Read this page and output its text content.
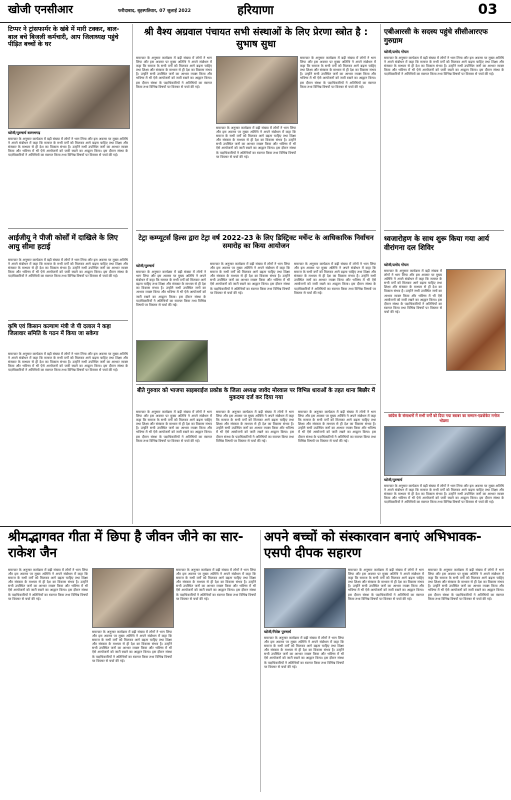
खोजी एनसीआर	फरीदाबाद, बृहस्पतिवार, 07 जुलाई 2022	हरियाणा	03
टिप्पर ने ट्रांसफार्मर के खंबे में मारी टक्कर, बाल-बाल बचे बिजली कर्मचारी, आप जिलाध्यक्ष पहुंचे पीड़ित बच्चों के घर
खोजी/पुरुषार्थ बल्लभगढ़
समाचार के अनुसार कार्यक्रम में बड़ी संख्या में लोगों ने भाग लिया और इस अवसर पर मुख्य अतिथि ने अपने संबोधन में कहा कि समाज के सभी वर्गों को मिलकर आगे बढ़ना चाहिए तथा शिक्षा और संस्कार के माध्यम से ही देश का विकास संभव है। उन्होंने सभी उपस्थित जनों का आभार व्यक्त किया और भविष्य में भी ऐसे आयोजनों को जारी रखने का आह्वान किया। इस दौरान संस्था के पदाधिकारियों ने अतिथियों का स्वागत किया तथा विभिन्न विषयों पर विस्तार से चर्चा की गई।
आईजीयू ने पीजी कोर्सों में दाखिले के लिए आयु सीमा हटाई
समाचार के अनुसार कार्यक्रम में बड़ी संख्या में लोगों ने भाग लिया और इस अवसर पर मुख्य अतिथि ने अपने संबोधन में कहा कि समाज के सभी वर्गों को मिलकर आगे बढ़ना चाहिए तथा शिक्षा और संस्कार के माध्यम से ही देश का विकास संभव है। उन्होंने सभी उपस्थित जनों का आभार व्यक्त किया और भविष्य में भी ऐसे आयोजनों को जारी रखने का आह्वान किया। इस दौरान संस्था के पदाधिकारियों ने अतिथियों का स्वागत किया तथा विभिन्न विषयों पर विस्तार से चर्चा की गई।
कृषि एवं किसान कल्याण मंत्री जे पी दलाल ने कहा जिलावार समिति के गठन में किया जा सकेगा
समाचार के अनुसार कार्यक्रम में बड़ी संख्या में लोगों ने भाग लिया और इस अवसर पर मुख्य अतिथि ने अपने संबोधन में कहा कि समाज के सभी वर्गों को मिलकर आगे बढ़ना चाहिए तथा शिक्षा और संस्कार के माध्यम से ही देश का विकास संभव है। उन्होंने सभी उपस्थित जनों का आभार व्यक्त किया और भविष्य में भी ऐसे आयोजनों को जारी रखने का आह्वान किया। इस दौरान संस्था के पदाधिकारियों ने अतिथियों का स्वागत किया तथा विभिन्न विषयों पर विस्तार से चर्चा की गई।
श्री वैश्य अग्रवाल पंचायत सभी संस्थाओं के लिए प्रेरणा स्त्रोत है : सुभाष सुधा
समाचार के अनुसार कार्यक्रम में बड़ी संख्या में लोगों ने भाग लिया और इस अवसर पर मुख्य अतिथि ने अपने संबोधन में कहा कि समाज के सभी वर्गों को मिलकर आगे बढ़ना चाहिए तथा शिक्षा और संस्कार के माध्यम से ही देश का विकास संभव है। उन्होंने सभी उपस्थित जनों का आभार व्यक्त किया और भविष्य में भी ऐसे आयोजनों को जारी रखने का आह्वान किया। इस दौरान संस्था के पदाधिकारियों ने अतिथियों का स्वागत किया तथा विभिन्न विषयों पर विस्तार से चर्चा की गई।
समाचार के अनुसार कार्यक्रम में बड़ी संख्या में लोगों ने भाग लिया और इस अवसर पर मुख्य अतिथि ने अपने संबोधन में कहा कि समाज के सभी वर्गों को मिलकर आगे बढ़ना चाहिए तथा शिक्षा और संस्कार के माध्यम से ही देश का विकास संभव है। उन्होंने सभी उपस्थित जनों का आभार व्यक्त किया और भविष्य में भी ऐसे आयोजनों को जारी रखने का आह्वान किया। इस दौरान संस्था के पदाधिकारियों ने अतिथियों का स्वागत किया तथा विभिन्न विषयों पर विस्तार से चर्चा की गई।
समाचार के अनुसार कार्यक्रम में बड़ी संख्या में लोगों ने भाग लिया और इस अवसर पर मुख्य अतिथि ने अपने संबोधन में कहा कि समाज के सभी वर्गों को मिलकर आगे बढ़ना चाहिए तथा शिक्षा और संस्कार के माध्यम से ही देश का विकास संभव है। उन्होंने सभी उपस्थित जनों का आभार व्यक्त किया और भविष्य में भी ऐसे आयोजनों को जारी रखने का आह्वान किया। इस दौरान संस्था के पदाधिकारियों ने अतिथियों का स्वागत किया तथा विभिन्न विषयों पर विस्तार से चर्चा की गई।
टेट्रा कम्प्यूटर्स हिल्स द्वारा टेट्रा वर्ष 2022-23 के लिए डिस्ट्रिक्ट मर्चेन्ट के आधिकारिक निर्वाचन समारोह का किया आयोजन
खोजी/पुरुषार्थ
समाचार के अनुसार कार्यक्रम में बड़ी संख्या में लोगों ने भाग लिया और इस अवसर पर मुख्य अतिथि ने अपने संबोधन में कहा कि समाज के सभी वर्गों को मिलकर आगे बढ़ना चाहिए तथा शिक्षा और संस्कार के माध्यम से ही देश का विकास संभव है। उन्होंने सभी उपस्थित जनों का आभार व्यक्त किया और भविष्य में भी ऐसे आयोजनों को जारी रखने का आह्वान किया। इस दौरान संस्था के पदाधिकारियों ने अतिथियों का स्वागत किया तथा विभिन्न विषयों पर विस्तार से चर्चा की गई।
समाचार के अनुसार कार्यक्रम में बड़ी संख्या में लोगों ने भाग लिया और इस अवसर पर मुख्य अतिथि ने अपने संबोधन में कहा कि समाज के सभी वर्गों को मिलकर आगे बढ़ना चाहिए तथा शिक्षा और संस्कार के माध्यम से ही देश का विकास संभव है। उन्होंने सभी उपस्थित जनों का आभार व्यक्त किया और भविष्य में भी ऐसे आयोजनों को जारी रखने का आह्वान किया। इस दौरान संस्था के पदाधिकारियों ने अतिथियों का स्वागत किया तथा विभिन्न विषयों पर विस्तार से चर्चा की गई।
समाचार के अनुसार कार्यक्रम में बड़ी संख्या में लोगों ने भाग लिया और इस अवसर पर मुख्य अतिथि ने अपने संबोधन में कहा कि समाज के सभी वर्गों को मिलकर आगे बढ़ना चाहिए तथा शिक्षा और संस्कार के माध्यम से ही देश का विकास संभव है। उन्होंने सभी उपस्थित जनों का आभार व्यक्त किया और भविष्य में भी ऐसे आयोजनों को जारी रखने का आह्वान किया। इस दौरान संस्था के पदाधिकारियों ने अतिथियों का स्वागत किया तथा विभिन्न विषयों पर विस्तार से चर्चा की गई।
बीते गुरुवार को भाजपा साइबराईज प्रकोष्ठ के जिला अध्यक्ष जावेद मोरवाल पर विभिन्न धाराओं के तहत थाना बिछौर में मुकदमा दर्ज कर दिया गया
समाचार के अनुसार कार्यक्रम में बड़ी संख्या में लोगों ने भाग लिया और इस अवसर पर मुख्य अतिथि ने अपने संबोधन में कहा कि समाज के सभी वर्गों को मिलकर आगे बढ़ना चाहिए तथा शिक्षा और संस्कार के माध्यम से ही देश का विकास संभव है। उन्होंने सभी उपस्थित जनों का आभार व्यक्त किया और भविष्य में भी ऐसे आयोजनों को जारी रखने का आह्वान किया। इस दौरान संस्था के पदाधिकारियों ने अतिथियों का स्वागत किया तथा विभिन्न विषयों पर विस्तार से चर्चा की गई।
समाचार के अनुसार कार्यक्रम में बड़ी संख्या में लोगों ने भाग लिया और इस अवसर पर मुख्य अतिथि ने अपने संबोधन में कहा कि समाज के सभी वर्गों को मिलकर आगे बढ़ना चाहिए तथा शिक्षा और संस्कार के माध्यम से ही देश का विकास संभव है। उन्होंने सभी उपस्थित जनों का आभार व्यक्त किया और भविष्य में भी ऐसे आयोजनों को जारी रखने का आह्वान किया। इस दौरान संस्था के पदाधिकारियों ने अतिथियों का स्वागत किया तथा विभिन्न विषयों पर विस्तार से चर्चा की गई।
समाचार के अनुसार कार्यक्रम में बड़ी संख्या में लोगों ने भाग लिया और इस अवसर पर मुख्य अतिथि ने अपने संबोधन में कहा कि समाज के सभी वर्गों को मिलकर आगे बढ़ना चाहिए तथा शिक्षा और संस्कार के माध्यम से ही देश का विकास संभव है। उन्होंने सभी उपस्थित जनों का आभार व्यक्त किया और भविष्य में भी ऐसे आयोजनों को जारी रखने का आह्वान किया। इस दौरान संस्था के पदाधिकारियों ने अतिथियों का स्वागत किया तथा विभिन्न विषयों पर विस्तार से चर्चा की गई।
एबीआरसी के सदस्य पहुंचे सीसीआरएफ गुरुग्राम
खोजी/प्रमोद गोयल
समाचार के अनुसार कार्यक्रम में बड़ी संख्या में लोगों ने भाग लिया और इस अवसर पर मुख्य अतिथि ने अपने संबोधन में कहा कि समाज के सभी वर्गों को मिलकर आगे बढ़ना चाहिए तथा शिक्षा और संस्कार के माध्यम से ही देश का विकास संभव है। उन्होंने सभी उपस्थित जनों का आभार व्यक्त किया और भविष्य में भी ऐसे आयोजनों को जारी रखने का आह्वान किया। इस दौरान संस्था के पदाधिकारियों ने अतिथियों का स्वागत किया तथा विभिन्न विषयों पर विस्तार से चर्चा की गई।
ध्वजारोहण के साथ शुरू किया गया आर्य वीरांगना दल शिविर
खोजी/प्रमोद गोयल
समाचार के अनुसार कार्यक्रम में बड़ी संख्या में लोगों ने भाग लिया और इस अवसर पर मुख्य अतिथि ने अपने संबोधन में कहा कि समाज के सभी वर्गों को मिलकर आगे बढ़ना चाहिए तथा शिक्षा और संस्कार के माध्यम से ही देश का विकास संभव है। उन्होंने सभी उपस्थित जनों का आभार व्यक्त किया और भविष्य में भी ऐसे आयोजनों को जारी रखने का आह्वान किया। इस दौरान संस्था के पदाधिकारियों ने अतिथियों का स्वागत किया तथा विभिन्न विषयों पर विस्तार से चर्चा की गई।
कांग्रेस के संसाधनों में सभी वर्गों को दिया गया बराबर का सम्मान-एडवोकेट मनोज भोडसा
खोजी/पुरुषार्थ
समाचार के अनुसार कार्यक्रम में बड़ी संख्या में लोगों ने भाग लिया और इस अवसर पर मुख्य अतिथि ने अपने संबोधन में कहा कि समाज के सभी वर्गों को मिलकर आगे बढ़ना चाहिए तथा शिक्षा और संस्कार के माध्यम से ही देश का विकास संभव है। उन्होंने सभी उपस्थित जनों का आभार व्यक्त किया और भविष्य में भी ऐसे आयोजनों को जारी रखने का आह्वान किया। इस दौरान संस्था के पदाधिकारियों ने अतिथियों का स्वागत किया तथा विभिन्न विषयों पर विस्तार से चर्चा की गई।
श्रीमद्भागवत गीता में छिपा है जीवन जीने का सार-राकेश जैन
समाचार के अनुसार कार्यक्रम में बड़ी संख्या में लोगों ने भाग लिया और इस अवसर पर मुख्य अतिथि ने अपने संबोधन में कहा कि समाज के सभी वर्गों को मिलकर आगे बढ़ना चाहिए तथा शिक्षा और संस्कार के माध्यम से ही देश का विकास संभव है। उन्होंने सभी उपस्थित जनों का आभार व्यक्त किया और भविष्य में भी ऐसे आयोजनों को जारी रखने का आह्वान किया। इस दौरान संस्था के पदाधिकारियों ने अतिथियों का स्वागत किया तथा विभिन्न विषयों पर विस्तार से चर्चा की गई।
समाचार के अनुसार कार्यक्रम में बड़ी संख्या में लोगों ने भाग लिया और इस अवसर पर मुख्य अतिथि ने अपने संबोधन में कहा कि समाज के सभी वर्गों को मिलकर आगे बढ़ना चाहिए तथा शिक्षा और संस्कार के माध्यम से ही देश का विकास संभव है। उन्होंने सभी उपस्थित जनों का आभार व्यक्त किया और भविष्य में भी ऐसे आयोजनों को जारी रखने का आह्वान किया। इस दौरान संस्था के पदाधिकारियों ने अतिथियों का स्वागत किया तथा विभिन्न विषयों पर विस्तार से चर्चा की गई।
समाचार के अनुसार कार्यक्रम में बड़ी संख्या में लोगों ने भाग लिया और इस अवसर पर मुख्य अतिथि ने अपने संबोधन में कहा कि समाज के सभी वर्गों को मिलकर आगे बढ़ना चाहिए तथा शिक्षा और संस्कार के माध्यम से ही देश का विकास संभव है। उन्होंने सभी उपस्थित जनों का आभार व्यक्त किया और भविष्य में भी ऐसे आयोजनों को जारी रखने का आह्वान किया। इस दौरान संस्था के पदाधिकारियों ने अतिथियों का स्वागत किया तथा विभिन्न विषयों पर विस्तार से चर्चा की गई।
अपने बच्चों को संस्कारवान बनाएं अभिभावक-एसपी दीपक सहारण
खोजी/नितेश पुरुषार्थ
समाचार के अनुसार कार्यक्रम में बड़ी संख्या में लोगों ने भाग लिया और इस अवसर पर मुख्य अतिथि ने अपने संबोधन में कहा कि समाज के सभी वर्गों को मिलकर आगे बढ़ना चाहिए तथा शिक्षा और संस्कार के माध्यम से ही देश का विकास संभव है। उन्होंने सभी उपस्थित जनों का आभार व्यक्त किया और भविष्य में भी ऐसे आयोजनों को जारी रखने का आह्वान किया। इस दौरान संस्था के पदाधिकारियों ने अतिथियों का स्वागत किया तथा विभिन्न विषयों पर विस्तार से चर्चा की गई।
समाचार के अनुसार कार्यक्रम में बड़ी संख्या में लोगों ने भाग लिया और इस अवसर पर मुख्य अतिथि ने अपने संबोधन में कहा कि समाज के सभी वर्गों को मिलकर आगे बढ़ना चाहिए तथा शिक्षा और संस्कार के माध्यम से ही देश का विकास संभव है। उन्होंने सभी उपस्थित जनों का आभार व्यक्त किया और भविष्य में भी ऐसे आयोजनों को जारी रखने का आह्वान किया। इस दौरान संस्था के पदाधिकारियों ने अतिथियों का स्वागत किया तथा विभिन्न विषयों पर विस्तार से चर्चा की गई।
समाचार के अनुसार कार्यक्रम में बड़ी संख्या में लोगों ने भाग लिया और इस अवसर पर मुख्य अतिथि ने अपने संबोधन में कहा कि समाज के सभी वर्गों को मिलकर आगे बढ़ना चाहिए तथा शिक्षा और संस्कार के माध्यम से ही देश का विकास संभव है। उन्होंने सभी उपस्थित जनों का आभार व्यक्त किया और भविष्य में भी ऐसे आयोजनों को जारी रखने का आह्वान किया। इस दौरान संस्था के पदाधिकारियों ने अतिथियों का स्वागत किया तथा विभिन्न विषयों पर विस्तार से चर्चा की गई।
